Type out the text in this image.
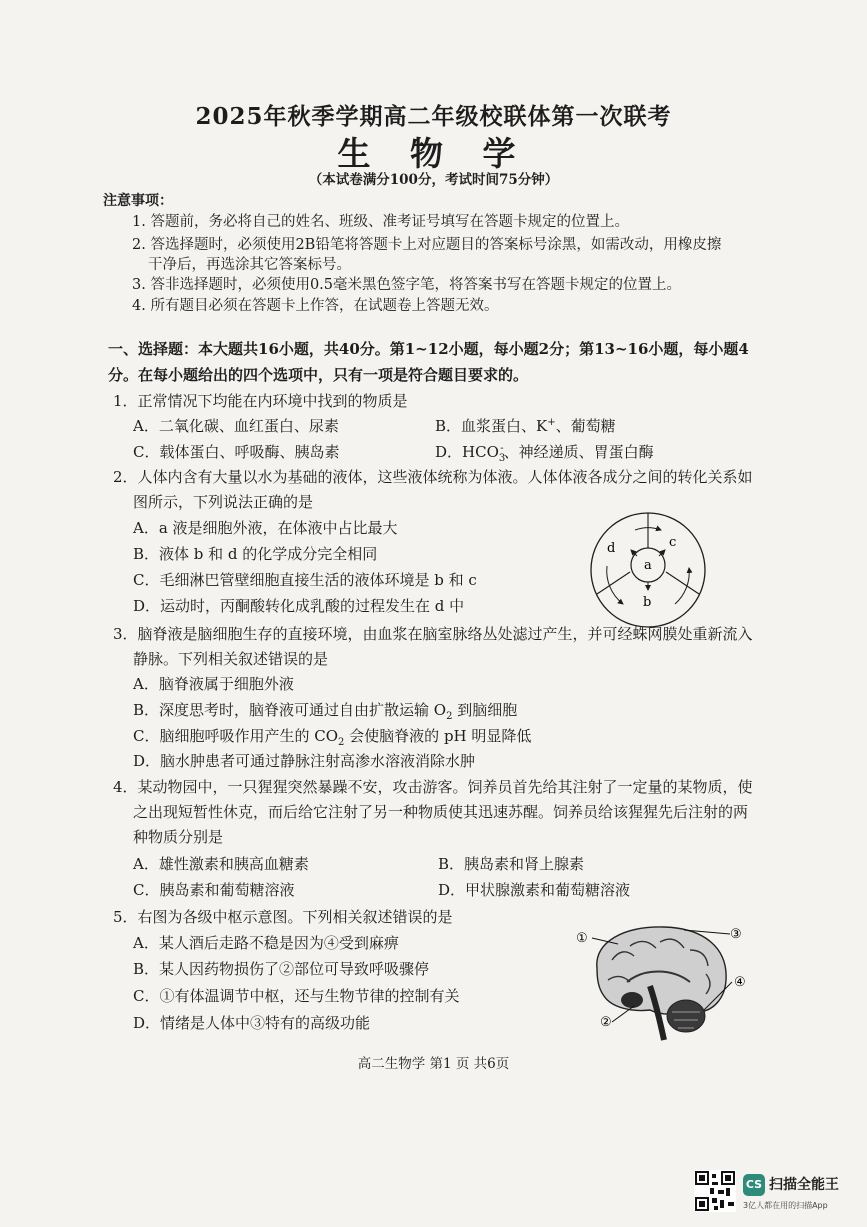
2025年秋季学期高二年级校联体第一次联考
生 物 学
（本试卷满分100分，考试时间75分钟）
注意事项：
1. 答题前，务必将自己的姓名、班级、准考证号填写在答题卡规定的位置上。
2. 答选择题时，必须使用2B铅笔将答题卡上对应题目的答案标号涂黑，如需改动，用橡皮擦
干净后，再选涂其它答案标号。
3. 答非选择题时，必须使用0.5毫米黑色签字笔，将答案书写在答题卡规定的位置上。
4. 所有题目必须在答题卡上作答，在试题卷上答题无效。
一、选择题：本大题共16小题，共40分。第1~12小题，每小题2分；第13~16小题，每小题4
分。在每小题给出的四个选项中，只有一项是符合题目要求的。
1．正常情况下均能在内环境中找到的物质是
A．二氧化碳、血红蛋白、尿素	B．血浆蛋白、K+、葡萄糖
C．载体蛋白、呼吸酶、胰岛素	D．$HCO_3^-$、神经递质、胃蛋白酶
2．人体内含有大量以水为基础的液体，这些液体统称为体液。人体体液各成分之间的转化关系如
图所示，下列说法正确的是
A．a 液是细胞外液，在体液中占比最大
B．液体 b 和 d 的化学成分完全相同
C．毛细淋巴管壁细胞直接生活的液体环境是 b 和 c
D．运动时，丙酮酸转化成乳酸的过程发生在 d 中
a
b
c
d
3．脑脊液是脑细胞生存的直接环境，由血浆在脑室脉络丛处滤过产生，并可经蛛网膜处重新流入
静脉。下列相关叙述错误的是
A．脑脊液属于细胞外液
B．深度思考时，脑脊液可通过自由扩散运输 $O_2$ 到脑细胞
C．脑细胞呼吸作用产生的 $CO_2$ 会使脑脊液的 pH 明显降低
D．脑水肿患者可通过静脉注射高渗水溶液消除水肿
4．某动物园中，一只猩猩突然暴躁不安，攻击游客。饲养员首先给其注射了一定量的某物质，使
之出现短暂性休克，而后给它注射了另一种物质使其迅速苏醒。饲养员给该猩猩先后注射的两
种物质分别是
A．雄性激素和胰高血糖素	B．胰岛素和肾上腺素
C．胰岛素和葡萄糖溶液	D．甲状腺激素和葡萄糖溶液
5．右图为各级中枢示意图。下列相关叙述错误的是
A．某人酒后走路不稳是因为④受到麻痹
B．某人因药物损伤了②部位可导致呼吸骤停
C．①有体温调节中枢，还与生物节律的控制有关
D．情绪是人体中③特有的高级功能
①
②
③
④
高二生物学 第1 页 共6页
CS 扫描全能王
3亿人都在用的扫描App
